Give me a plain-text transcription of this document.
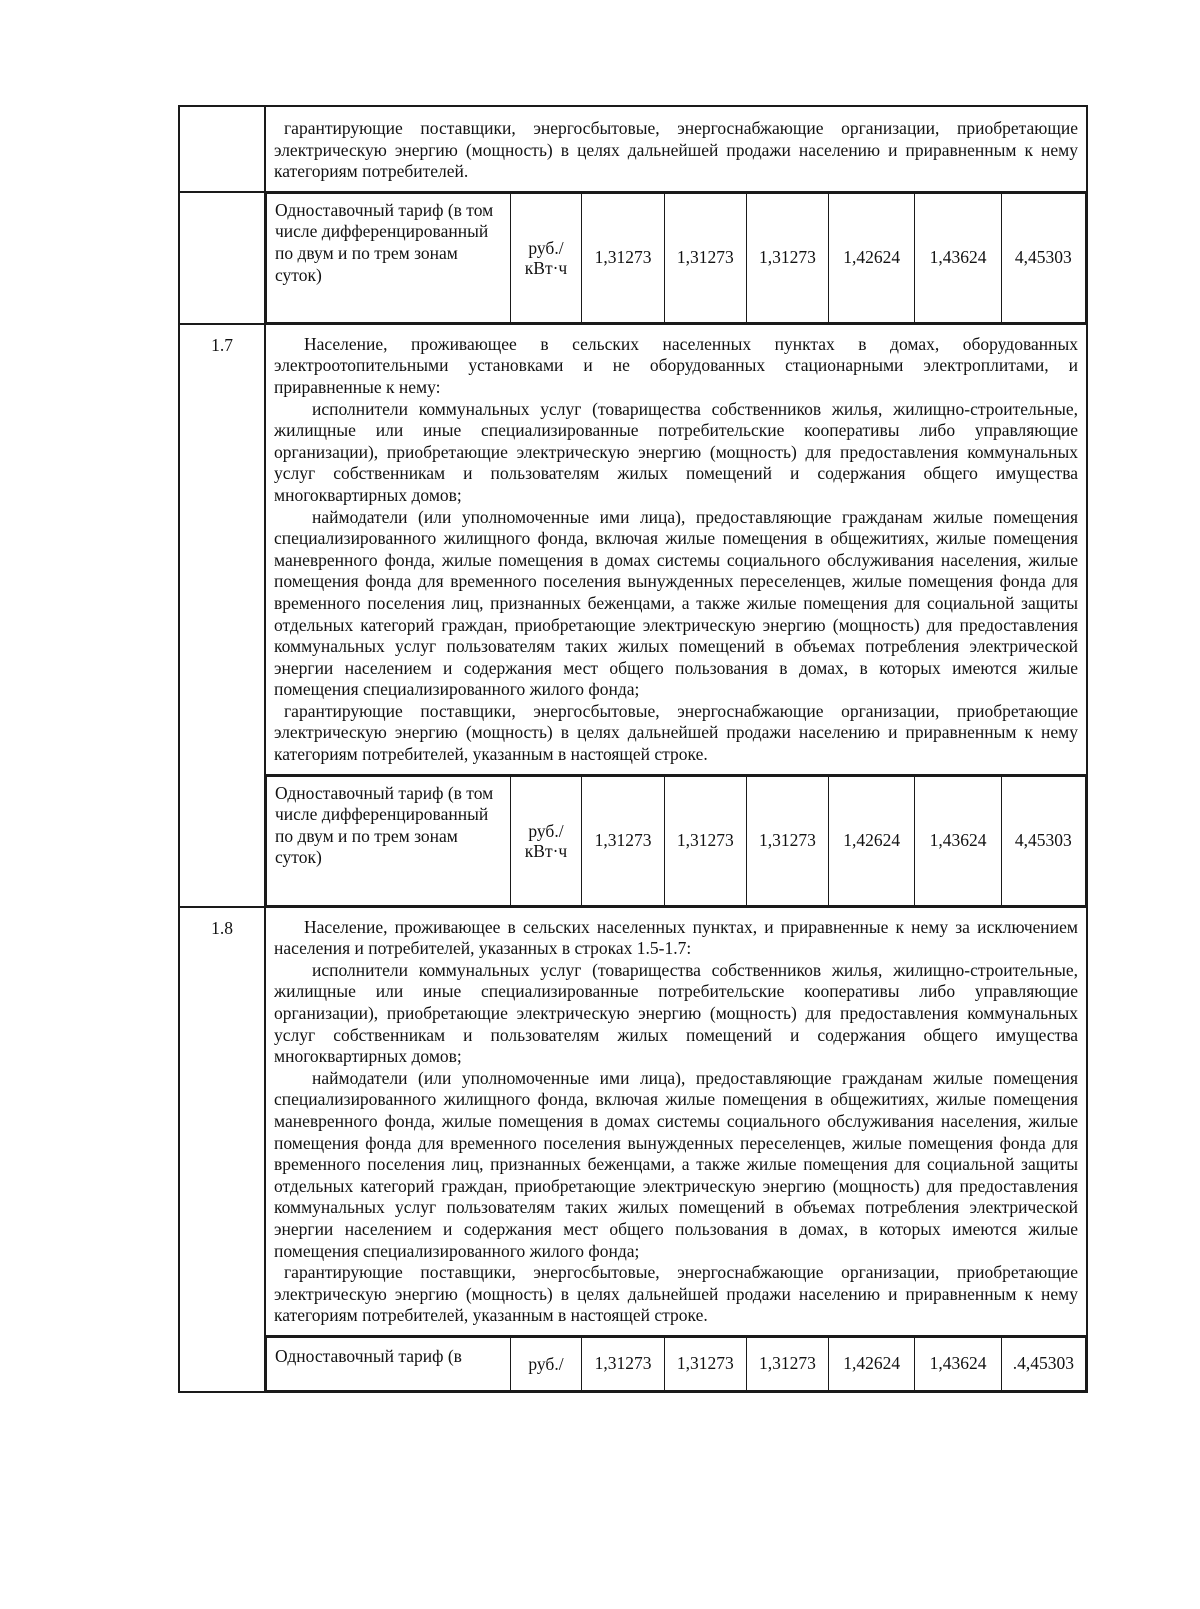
гарантирующие поставщики, энергосбытовые, энергоснабжающие организации, приобретающие электрическую энергию (мощность) в целях дальнейшей продажи населению и приравненным к нему категориям потребителей.

Одноставочный тариф (в том числе дифференцированный по двум и по трем зонам суток)	руб./ кВт·ч	1,31273	1,31273	1,31273	1,42624	1,43624	4,45303

1.7	Население, проживающее в сельских населенных пунктах в домах, оборудованных электроотопительными установками и не оборудованных стационарными электроплитами, и приравненные к нему:

исполнители коммунальных услуг (товарищества собственников жилья, жилищно-строительные, жилищные или иные специализированные потребительские кооперативы либо управляющие организации), приобретающие электрическую энергию (мощность) для предоставления коммунальных услуг собственникам и пользователям жилых помещений и содержания общего имущества многоквартирных домов;

наймодатели (или уполномоченные ими лица), предоставляющие гражданам жилые помещения специализированного жилищного фонда, включая жилые помещения в общежитиях, жилые помещения маневренного фонда, жилые помещения в домах системы социального обслуживания населения, жилые помещения фонда для временного поселения вынужденных переселенцев, жилые помещения фонда для временного поселения лиц, признанных беженцами, а также жилые помещения для социальной защиты отдельных категорий граждан, приобретающие электрическую энергию (мощность) для предоставления коммунальных услуг пользователям таких жилых помещений в объемах потребления электрической энергии населением и содержания мест общего пользования в домах, в которых имеются жилые помещения специализированного жилого фонда;

гарантирующие поставщики, энергосбытовые, энергоснабжающие организации, приобретающие электрическую энергию (мощность) в целях дальнейшей продажи населению и приравненным к нему категориям потребителей, указанным в настоящей строке.

Одноставочный тариф (в том числе дифференцированный по двум и по трем зонам суток)	руб./ кВт·ч	1,31273	1,31273	1,31273	1,42624	1,43624	4,45303

1.8	Население, проживающее в сельских населенных пунктах, и приравненные к нему за исключением населения и потребителей, указанных в строках 1.5-1.7:

исполнители коммунальных услуг (товарищества собственников жилья, жилищно-строительные, жилищные или иные специализированные потребительские кооперативы либо управляющие организации), приобретающие электрическую энергию (мощность) для предоставления коммунальных услуг собственникам и пользователям жилых помещений и содержания общего имущества многоквартирных домов;

наймодатели (или уполномоченные ими лица), предоставляющие гражданам жилые помещения специализированного жилищного фонда, включая жилые помещения в общежитиях, жилые помещения маневренного фонда, жилые помещения в домах системы социального обслуживания населения, жилые помещения фонда для временного поселения вынужденных переселенцев, жилые помещения фонда для временного поселения лиц, признанных беженцами, а также жилые помещения для социальной защиты отдельных категорий граждан, приобретающие электрическую энергию (мощность) для предоставления коммунальных услуг пользователям таких жилых помещений в объемах потребления электрической энергии населением и содержания мест общего пользования в домах, в которых имеются жилые помещения специализированного жилого фонда;

гарантирующие поставщики, энергосбытовые, энергоснабжающие организации, приобретающие электрическую энергию (мощность) в целях дальнейшей продажи населению и приравненным к нему категориям потребителей, указанным в настоящей строке.

Одноставочный тариф (в	руб./	1,31273	1,31273	1,31273	1,42624	1,43624	.4,45303
